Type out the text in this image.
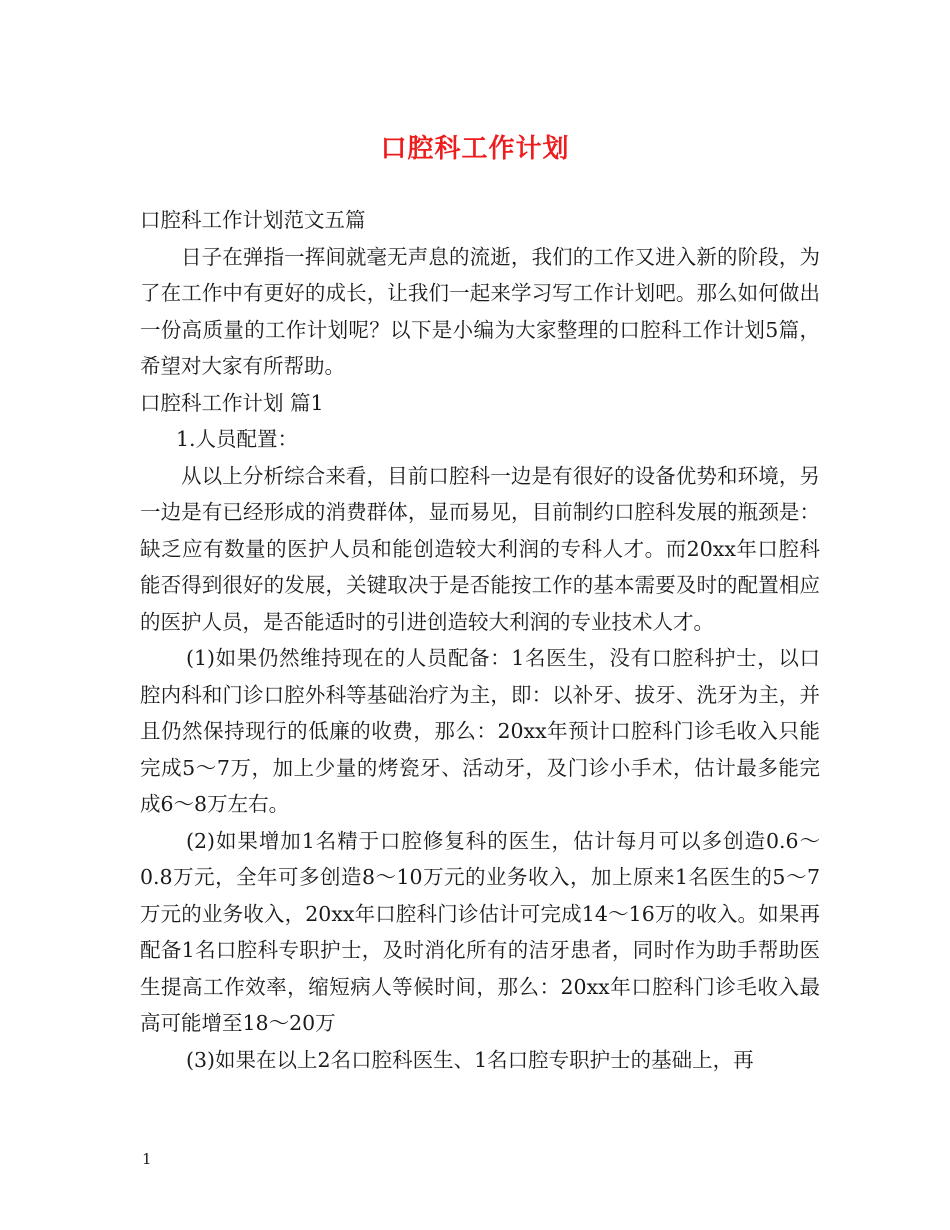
口腔科工作计划

口腔科工作计划范文五篇

日子在弹指一挥间就毫无声息的流逝，我们的工作又进入新的阶段，为了在工作中有更好的成长，让我们一起来学习写工作计划吧。那么如何做出一份高质量的工作计划呢？以下是小编为大家整理的口腔科工作计划5篇，希望对大家有所帮助。

口腔科工作计划 篇1

1.人员配置：

从以上分析综合来看，目前口腔科一边是有很好的设备优势和环境，另一边是有已经形成的消费群体，显而易见，目前制约口腔科发展的瓶颈是：缺乏应有数量的医护人员和能创造较大利润的专科人才。而20xx年口腔科能否得到很好的发展，关键取决于是否能按工作的基本需要及时的配置相应的医护人员，是否能适时的引进创造较大利润的专业技术人才。

(1)如果仍然维持现在的人员配备：1名医生，没有口腔科护士，以口腔内科和门诊口腔外科等基础治疗为主，即：以补牙、拔牙、洗牙为主，并且仍然保持现行的低廉的收费，那么：20xx年预计口腔科门诊毛收入只能完成5～7万，加上少量的烤瓷牙、活动牙，及门诊小手术，估计最多能完成6～8万左右。

(2)如果增加1名精于口腔修复科的医生，估计每月可以多创造0.6～0.8万元，全年可多创造8～10万元的业务收入，加上原来1名医生的5～7万元的业务收入，20xx年口腔科门诊估计可完成14～16万的收入。如果再配备1名口腔科专职护士，及时消化所有的洁牙患者，同时作为助手帮助医生提高工作效率，缩短病人等候时间，那么：20xx年口腔科门诊毛收入最高可能增至18～20万

(3)如果在以上2名口腔科医生、1名口腔专职护士的基础上，再

1
